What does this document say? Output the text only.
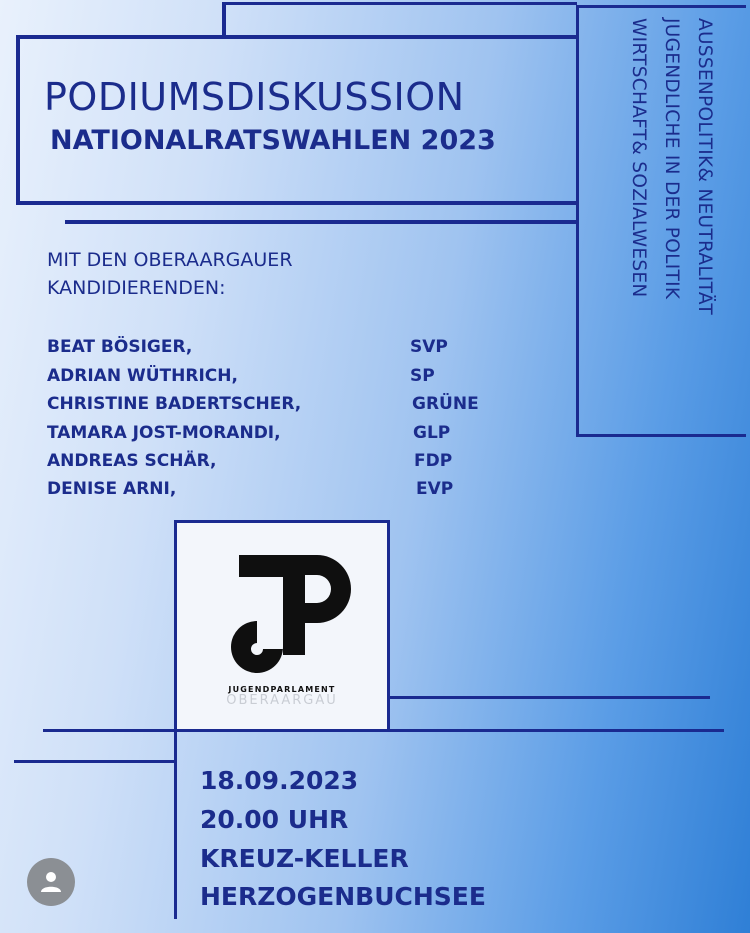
PODIUMSDISKUSSION
NATIONALRATSWAHLEN 2023
MIT DEN OBERAARGAUER
KANDIDIERENDEN:
BEAT BÖSIGER,	SVP
ADRIAN WÜTHRICH,	SP
CHRISTINE BADERTSCHER,	GRÜNE
TAMARA JOST-MORANDI,	GLP
ANDREAS SCHÄR,	FDP
DENISE ARNI,	EVP
AUSSENPOLITIK& NEUTRALITÄT
JUGENDLICHE IN DER POLITIK
WIRTSCHAFT& SOZIALWESEN
JUGENDPARLAMENT
OBERAARGAU
18.09.2023
20.00 UHR
KREUZ-KELLER
HERZOGENBUCHSEE
